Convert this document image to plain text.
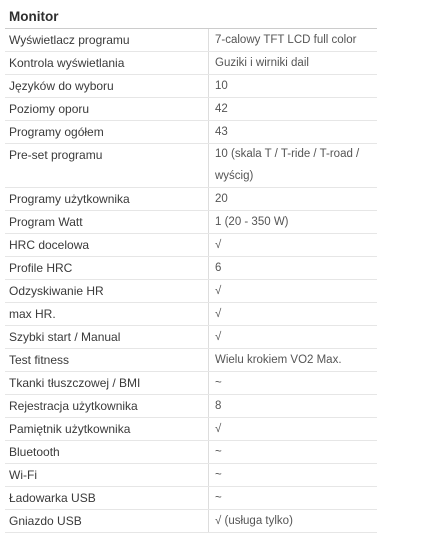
Monitor
Wyświetlacz programu	7-calowy TFT LCD full color
Kontrola wyświetlania	Guziki i wirniki dail
Języków do wyboru	10
Poziomy oporu	42
Programy ogółem	43
Pre-set programu	10 (skala T / T-ride / T-road / wyścig)
Programy użytkownika	20
Program Watt	1 (20 - 350 W)
HRC docelowa	√
Profile HRC	6
Odzyskiwanie HR	√
max HR.	√
Szybki start / Manual	√
Test fitness	Wielu krokiem VO2 Max.
Tkanki tłuszczowej / BMI	~
Rejestracja użytkownika	8
Pamiętnik użytkownika	√
Bluetooth	~
Wi-Fi	~
Ładowarka USB	~
Gniazdo USB	√ (usługa tylko)
